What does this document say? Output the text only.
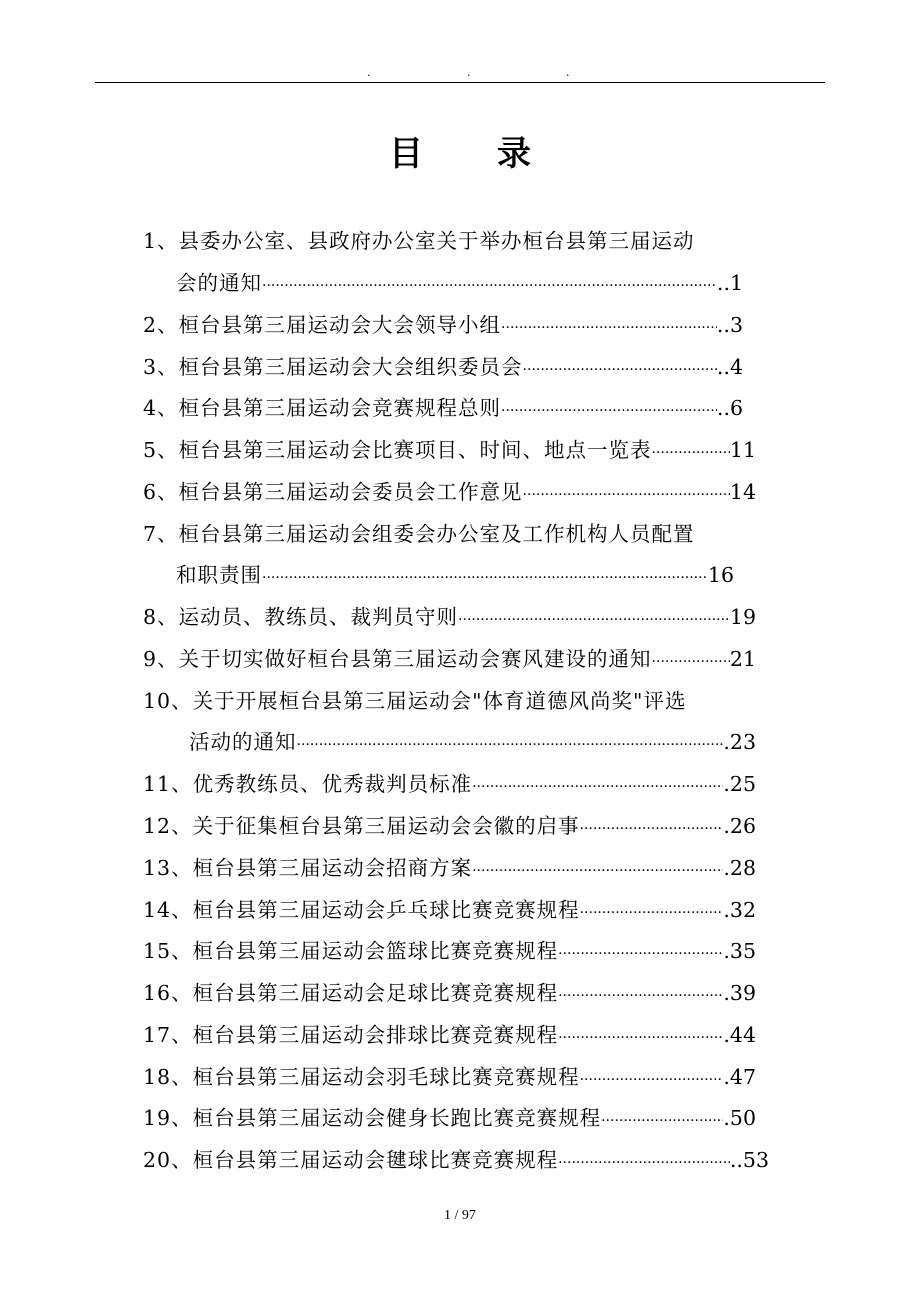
.	.	.
目录
1、县委办公室、县政府办公室关于举办桓台县第三届运动
会的通知 ·····	..1
2、桓台县第三届运动会大会领导小组 ·····	..3
3、桓台县第三届运动会大会组织委员会 ·····	..4
4、桓台县第三届运动会竞赛规程总则 ·····	..6
5、桓台县第三届运动会比赛项目、时间、地点一览表 ·····	11
6、桓台县第三届运动会委员会工作意见 ·····	14
7、桓台县第三届运动会组委会办公室及工作机构人员配置
和职责围 ·····	16
8、运动员、教练员、裁判员守则 ·····	19
9、关于切实做好桓台县第三届运动会赛风建设的通知 ·····	21
10、关于开展桓台县第三届运动会"体育道德风尚奖"评选
活动的通知 ·····	.23
11、优秀教练员、优秀裁判员标准 ·····	.25
12、关于征集桓台县第三届运动会会徽的启事 ·····	.26
13、桓台县第三届运动会招商方案 ·····	.28
14、桓台县第三届运动会乒乓球比赛竞赛规程 ·····	.32
15、桓台县第三届运动会篮球比赛竞赛规程 ·····	.35
16、桓台县第三届运动会足球比赛竞赛规程 ·····	.39
17、桓台县第三届运动会排球比赛竞赛规程 ·····	.44
18、桓台县第三届运动会羽毛球比赛竞赛规程 ·····	.47
19、桓台县第三届运动会健身长跑比赛竞赛规程 ·····	.50
20、桓台县第三届运动会毽球比赛竞赛规程 ·····	..53
1 / 97
